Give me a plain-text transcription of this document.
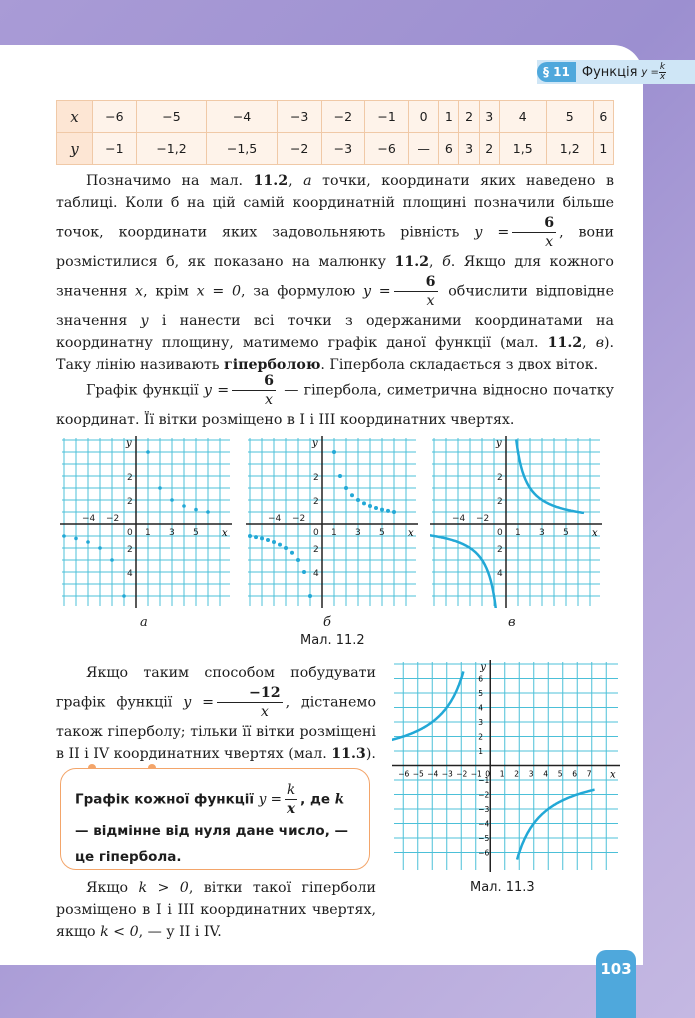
§ 11 Функція $y = \frac{k}{x}$
x	−6	−5	−4	−3	−2	−1	0	1	2	3	4	5	6
y	−1	−1,2	−1,5	−2	−3	−6	—	6	3	2	1,5	1,2	1
Позначимо на мал. 11.2, а точки, координати яких наведено в таблиці. Коли б на цій самій координатній площині позначили більше точок, координати яких задовольняють рівність $y = \frac{6}{x}$ , вони розмістилися б, як показано на малюнку 11.2, б. Якщо для кожного значення x, крім x = 0, за формулою $y = \frac{6}{x}$ обчислити відповідне значення y і нанести всі точки з одержаними координатами на координатну площину, матимемо графік даної функції (мал. 11.2, в). Таку лінію називають гіперболою. Гіпербола складається з двох віток.
Графік функції $y = \frac{6}{x}$ — гіпербола, симетрична відносно початку координат. Її вітки розміщено в I і III координатних чвертях.
x
y
1 3 5
−2
−4
2
2
2
4
0	x
y
1 3 5
−2
−4
2
2
2
4
0	x
y
1 3 5
−2
−4
2
2
2
4
0
а	б	в
Мал. 11.2
Якщо таким способом побудувати графік функції $y = \frac{-12}{x}$ , дістанемо також гіперболу; тільки її вітки розміщені в II і IV координатних чвертях (мал. 11.3).
Графік кожної функції $y = \frac{k}{x}$ , де k — відмінне від нуля дане число, — це гіпербола.
−6 −5 −4 −3 −2 −1 0 1 2 3 4 5 6 7
6
5
4
3
2
1
−1
−2
−3
−4
−5
−6
x
y
Мал. 11.3
Якщо k > 0, вітки такої гіперболи розміщено в I і III координатних чвертях, якщо k < 0, — у II і IV.
103
